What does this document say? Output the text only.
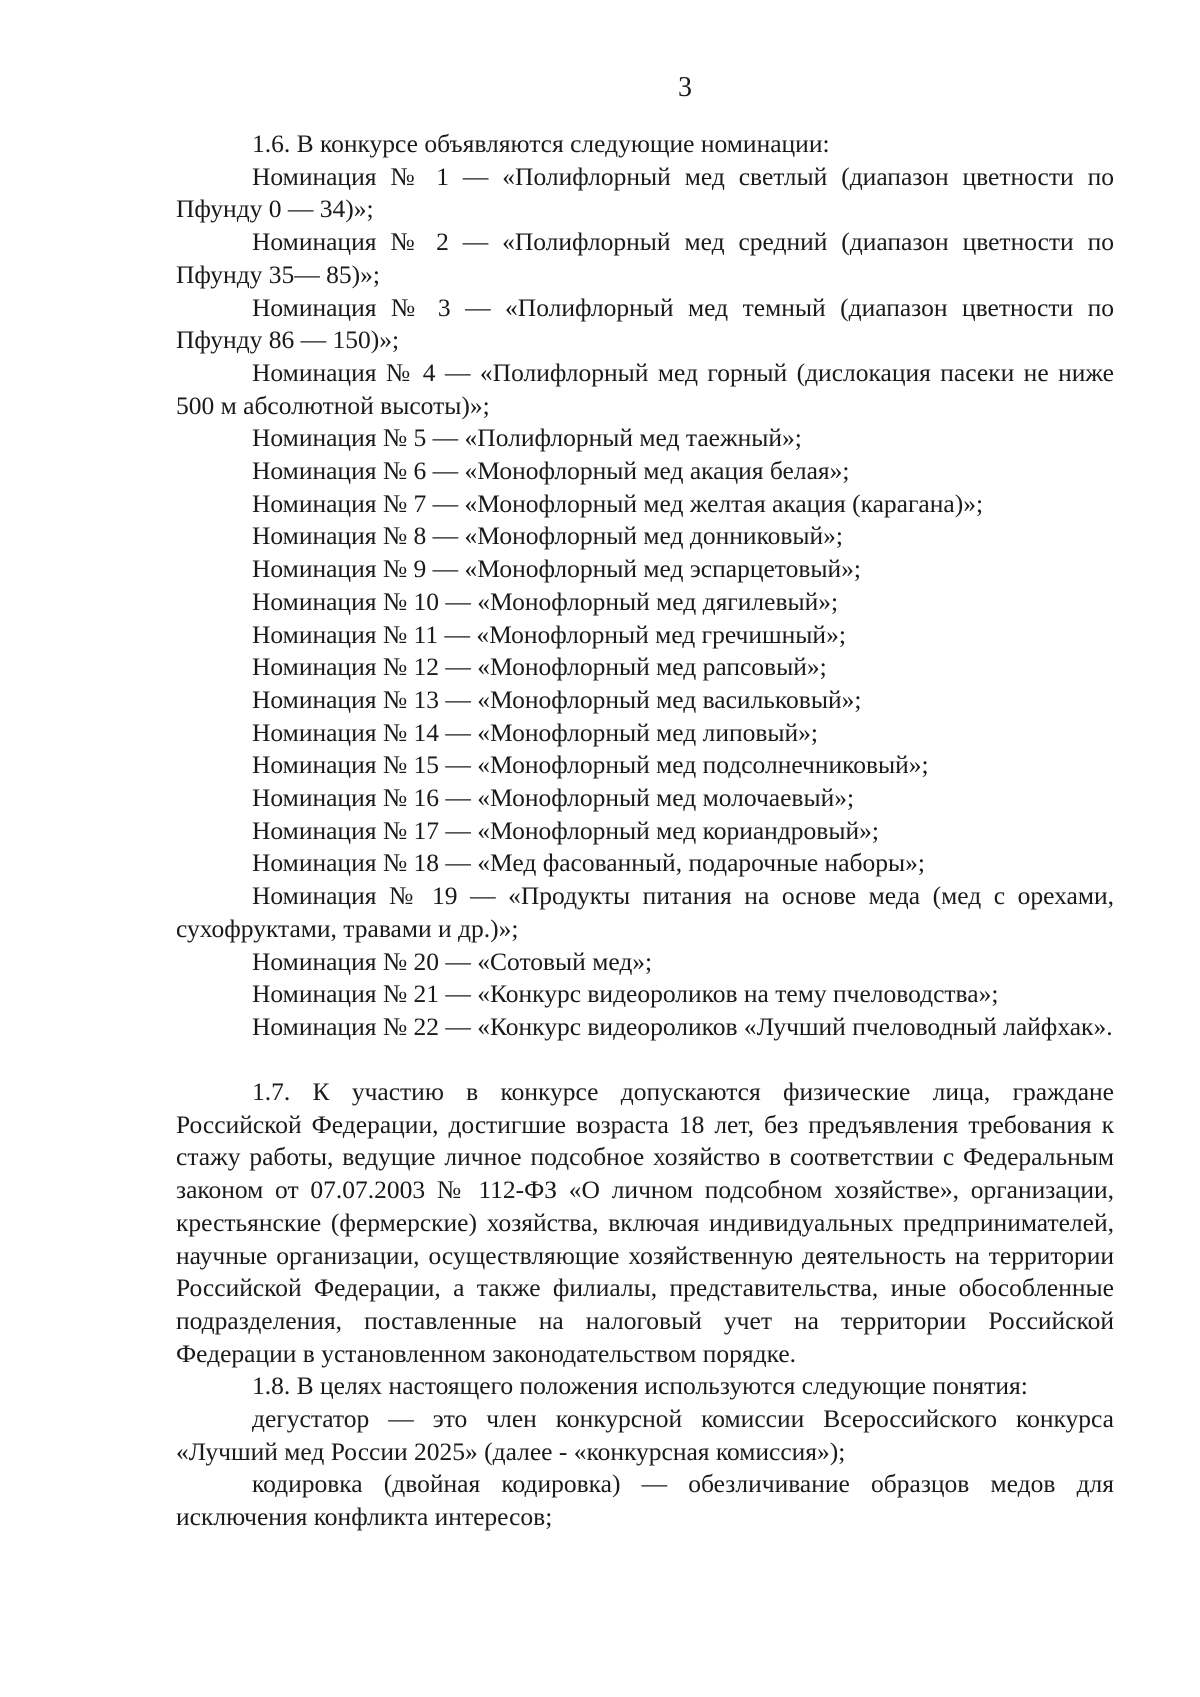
3

1.6. В конкурсе объявляются следующие номинации:

Номинация № 1 — «Полифлорный мед светлый (диапазон цветности по Пфунду 0 — 34)»;

Номинация № 2 — «Полифлорный мед средний (диапазон цветности по Пфунду 35— 85)»;

Номинация № 3 — «Полифлорный мед темный (диапазон цветности по Пфунду 86 — 150)»;

Номинация № 4 — «Полифлорный мед горный (дислокация пасеки не ниже 500 м абсолютной высоты)»;

Номинация № 5 — «Полифлорный мед таежный»;

Номинация № 6 — «Монофлорный мед акация белая»;

Номинация № 7 — «Монофлорный мед желтая акация (карагана)»;

Номинация № 8 — «Монофлорный мед донниковый»;

Номинация № 9 — «Монофлорный мед эспарцетовый»;

Номинация № 10 — «Монофлорный мед дягилевый»;

Номинация № 11 — «Монофлорный мед гречишный»;

Номинация № 12 — «Монофлорный мед рапсовый»;

Номинация № 13 — «Монофлорный мед васильковый»;

Номинация № 14 — «Монофлорный мед липовый»;

Номинация № 15 — «Монофлорный мед подсолнечниковый»;

Номинация № 16 — «Монофлорный мед молочаевый»;

Номинация № 17 — «Монофлорный мед кориандровый»;

Номинация № 18 — «Мед фасованный, подарочные наборы»;

Номинация № 19 — «Продукты питания на основе меда (мед с орехами, сухофруктами, травами и др.)»;

Номинация № 20 — «Сотовый мед»;

Номинация № 21 — «Конкурс видеороликов на тему пчеловодства»;

Номинация № 22 — «Конкурс видеороликов «Лучший пчеловодный лайфхак».

1.7. К участию в конкурсе допускаются физические лица, граждане Российской Федерации, достигшие возраста 18 лет, без предъявления требования к стажу работы, ведущие личное подсобное хозяйство в соответствии с Федеральным законом от 07.07.2003 № 112-ФЗ «О личном подсобном хозяйстве», организации, крестьянские (фермерские) хозяйства, включая индивидуальных предпринимателей, научные организации, осуществляющие хозяйственную деятельность на территории Российской Федерации, а также филиалы, представительства, иные обособленные подразделения, поставленные на налоговый учет на территории Российской Федерации в установленном законодательством порядке.

1.8. В целях настоящего положения используются следующие понятия:

дегустатор — это член конкурсной комиссии Всероссийского конкурса «Лучший мед России 2025» (далее - «конкурсная комиссия»);

кодировка (двойная кодировка) — обезличивание образцов медов для исключения конфликта интересов;
